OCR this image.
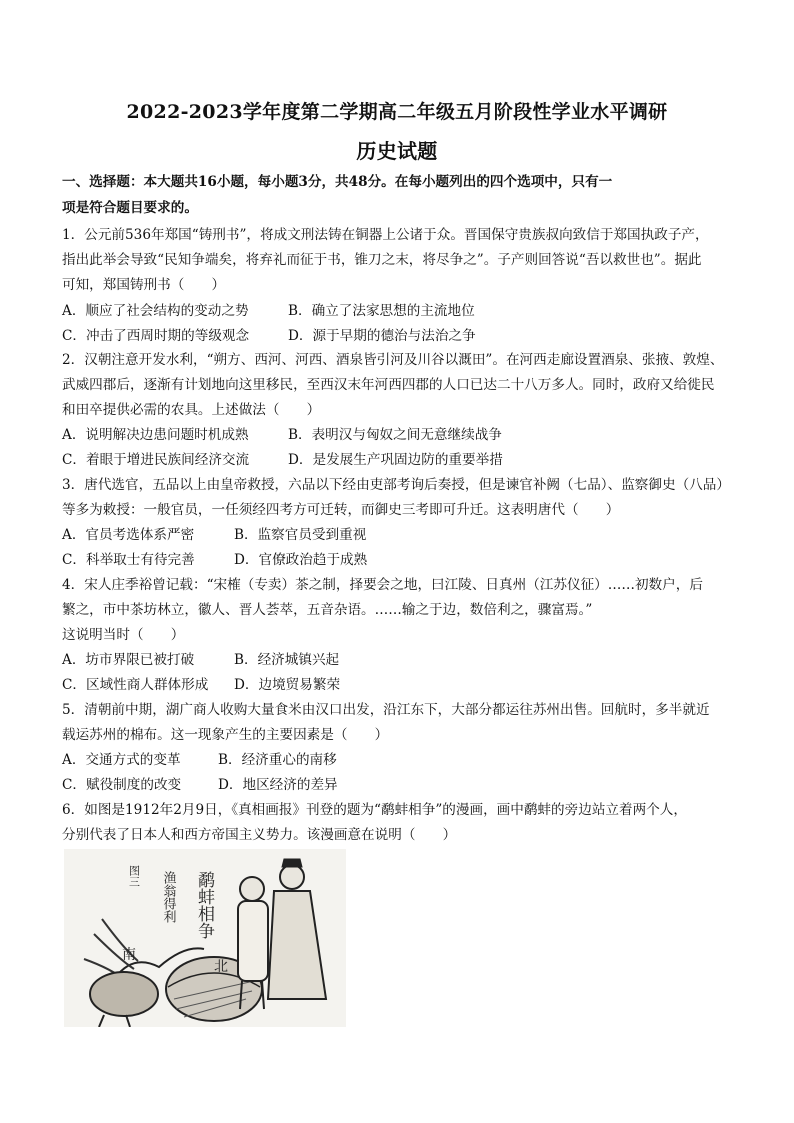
2022-2023学年度第二学期高二年级五月阶段性学业水平调研
历史试题
一、选择题：本大题共16小题，每小题3分，共48分。在每小题列出的四个选项中，只有一
项是符合题目要求的。
1．公元前536年郑国“铸刑书”，将成文刑法铸在铜器上公诸于众。晋国保守贵族叔向致信于郑国执政子产，
指出此举会导致“民知争端矣，将弃礼而征于书，锥刀之末，将尽争之”。子产则回答说“吾以救世也”。据此
可知，郑国铸刑书（　　）
A．顺应了社会结构的变动之势	B．确立了法家思想的主流地位
C．冲击了西周时期的等级观念	D．源于早期的德治与法治之争
2．汉朝注意开发水利，“朔方、西河、河西、酒泉皆引河及川谷以溉田”。在河西走廊设置酒泉、张掖、敦煌、
武威四郡后，逐渐有计划地向这里移民，至西汉末年河西四郡的人口已达二十八万多人。同时，政府又给徙民
和田卒提供必需的农具。上述做法（　　）
A．说明解决边患问题时机成熟	B．表明汉与匈奴之间无意继续战争
C．着眼于增进民族间经济交流	D．是发展生产巩固边防的重要举措
3．唐代选官，五品以上由皇帝救授，六品以下经由吏部考询后奏授，但是谏官补阙（七品）、监察御史（八品）
等多为敕授：一般官员，一任须经四考方可迁转，而御史三考即可升迁。这表明唐代（　　）
A．官员考选体系严密	B．监察官员受到重视
C．科举取士有待完善	D．官僚政治趋于成熟
4．宋人庄季裕曾记载：“宋榷（专卖）茶之制，择要会之地，曰江陵、日真州（江苏仪征）……初数户，后
繁之，市中茶坊林立，徽人、晋人荟萃，五音杂语。……输之于边，数倍利之，骤富焉。”
这说明当时（　　）
A．坊市界限已被打破	B．经济城镇兴起
C．区域性商人群体形成 D．边境贸易繁荣
5．清朝前中期，湖广商人收购大量食米由汉口出发，沿江东下，大部分都运往苏州出售。回航时，多半就近
载运苏州的棉布。这一现象产生的主要因素是（　　）
A．交通方式的变革	B．经济重心的南移
C．赋役制度的改变	D．地区经济的差异
6．如图是1912年2月9日，《真相画报》刊登的题为“鹬蚌相争”的漫画，画中鹬蚌的旁边站立着两个人，
分别代表了日本人和西方帝国主义势力。该漫画意在说明（　　）
鹬蚌相争
渔翁得利
图三
南
北
